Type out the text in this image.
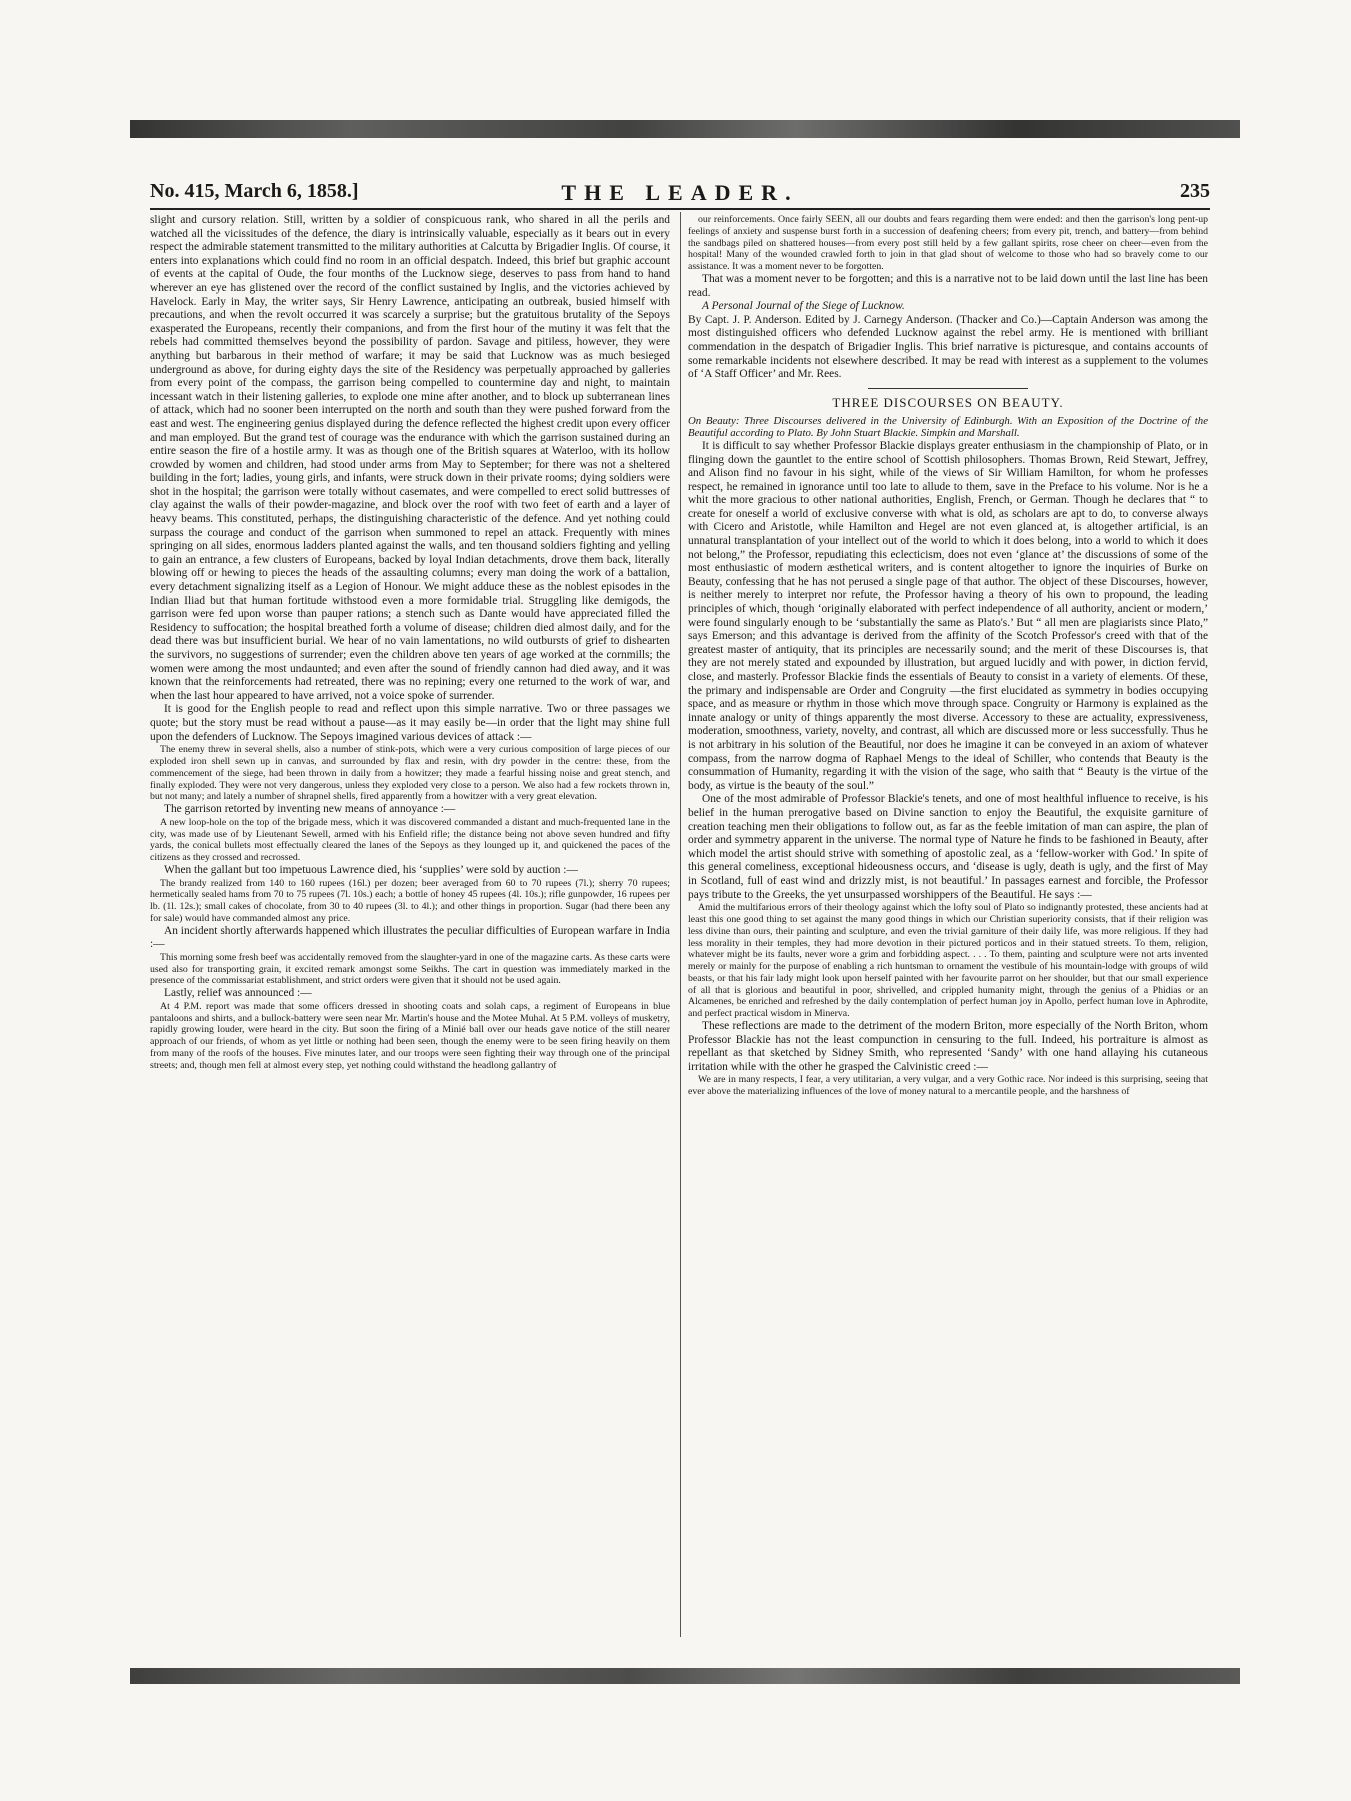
No. 415, March 6, 1858.]	THE LEADER.	235

slight and cursory relation. Still, written by a soldier of conspicuous rank, who shared in all the perils and watched all the vicissitudes of the defence, the diary is intrinsically valuable, especially as it bears out in every respect the admirable statement transmitted to the military authorities at Calcutta by Brigadier Inglis. Of course, it enters into explanations which could find no room in an official despatch. Indeed, this brief but graphic account of events at the capital of Oude, the four months of the Lucknow siege, deserves to pass from hand to hand wherever an eye has glistened over the record of the conflict sustained by Inglis, and the victories achieved by Havelock. Early in May, the writer says, Sir Henry Lawrence, anticipating an outbreak, busied himself with precautions, and when the revolt occurred it was scarcely a surprise; but the gratuitous brutality of the Sepoys exasperated the Europeans, recently their companions, and from the first hour of the mutiny it was felt that the rebels had committed themselves beyond the possibility of pardon. Savage and pitiless, however, they were anything but barbarous in their method of warfare; it may be said that Lucknow was as much besieged underground as above, for during eighty days the site of the Residency was perpetually approached by galleries from every point of the compass, the garrison being compelled to countermine day and night, to maintain incessant watch in their listening galleries, to explode one mine after another, and to block up subterranean lines of attack, which had no sooner been interrupted on the north and south than they were pushed forward from the east and west. The engineering genius displayed during the defence reflected the highest credit upon every officer and man employed. But the grand test of courage was the endurance with which the garrison sustained during an entire season the fire of a hostile army. It was as though one of the British squares at Waterloo, with its hollow crowded by women and children, had stood under arms from May to September; for there was not a sheltered building in the fort; ladies, young girls, and infants, were struck down in their private rooms; dying soldiers were shot in the hospital; the garrison were totally without casemates, and were compelled to erect solid buttresses of clay against the walls of their powder-magazine, and block over the roof with two feet of earth and a layer of heavy beams. This constituted, perhaps, the distinguishing characteristic of the defence. And yet nothing could surpass the courage and conduct of the garrison when summoned to repel an attack. Frequently with mines springing on all sides, enormous ladders planted against the walls, and ten thousand soldiers fighting and yelling to gain an entrance, a few clusters of Europeans, backed by loyal Indian detachments, drove them back, literally blowing off or hewing to pieces the heads of the assaulting columns; every man doing the work of a battalion, every detachment signalizing itself as a Legion of Honour. We might adduce these as the noblest episodes in the Indian Iliad but that human fortitude withstood even a more formidable trial. Struggling like demigods, the garrison were fed upon worse than pauper rations; a stench such as Dante would have appreciated filled the Residency to suffocation; the hospital breathed forth a volume of disease; children died almost daily, and for the dead there was but insufficient burial. We hear of no vain lamentations, no wild outbursts of grief to dishearten the survivors, no suggestions of surrender; even the children above ten years of age worked at the cornmills; the women were among the most undaunted; and even after the sound of friendly cannon had died away, and it was known that the reinforcements had retreated, there was no repining; every one returned to the work of war, and when the last hour appeared to have arrived, not a voice spoke of surrender.

It is good for the English people to read and reflect upon this simple narrative. Two or three passages we quote; but the story must be read without a pause—as it may easily be—in order that the light may shine full upon the defenders of Lucknow. The Sepoys imagined various devices of attack :—

The enemy threw in several shells, also a number of stink-pots, which were a very curious composition of large pieces of our exploded iron shell sewn up in canvas, and surrounded by flax and resin, with dry powder in the centre: these, from the commencement of the siege, had been thrown in daily from a howitzer; they made a fearful hissing noise and great stench, and finally exploded. They were not very dangerous, unless they exploded very close to a person. We also had a few rockets thrown in, but not many; and lately a number of shrapnel shells, fired apparently from a howitzer with a very great elevation.

The garrison retorted by inventing new means of annoyance :—

A new loop-hole on the top of the brigade mess, which it was discovered commanded a distant and much-frequented lane in the city, was made use of by Lieutenant Sewell, armed with his Enfield rifle; the distance being not above seven hundred and fifty yards, the conical bullets most effectually cleared the lanes of the Sepoys as they lounged up it, and quickened the paces of the citizens as they crossed and recrossed.

When the gallant but too impetuous Lawrence died, his ‘supplies’ were sold by auction :—

The brandy realized from 140 to 160 rupees (16l.) per dozen; beer averaged from 60 to 70 rupees (7l.); sherry 70 rupees; hermetically sealed hams from 70 to 75 rupees (7l. 10s.) each; a bottle of honey 45 rupees (4l. 10s.); rifle gunpowder, 16 rupees per lb. (1l. 12s.); small cakes of chocolate, from 30 to 40 rupees (3l. to 4l.); and other things in proportion. Sugar (had there been any for sale) would have commanded almost any price.

An incident shortly afterwards happened which illustrates the peculiar difficulties of European warfare in India :—

This morning some fresh beef was accidentally removed from the slaughter-yard in one of the magazine carts. As these carts were used also for transporting grain, it excited remark amongst some Seikhs. The cart in question was immediately marked in the presence of the commissariat establishment, and strict orders were given that it should not be used again.

Lastly, relief was announced :—

At 4 P.M. report was made that some officers dressed in shooting coats and solah caps, a regiment of Europeans in blue pantaloons and shirts, and a bullock-battery were seen near Mr. Martin's house and the Motee Muhal. At 5 P.M. volleys of musketry, rapidly growing louder, were heard in the city. But soon the firing of a Minié ball over our heads gave notice of the still nearer approach of our friends, of whom as yet little or nothing had been seen, though the enemy were to be seen firing heavily on them from many of the roofs of the houses. Five minutes later, and our troops were seen fighting their way through one of the principal streets; and, though men fell at almost every step, yet nothing could withstand the headlong gallantry of

our reinforcements. Once fairly SEEN, all our doubts and fears regarding them were ended: and then the garrison's long pent-up feelings of anxiety and suspense burst forth in a succession of deafening cheers; from every pit, trench, and battery—from behind the sandbags piled on shattered houses—from every post still held by a few gallant spirits, rose cheer on cheer—even from the hospital! Many of the wounded crawled forth to join in that glad shout of welcome to those who had so bravely come to our assistance. It was a moment never to be forgotten.

That was a moment never to be forgotten; and this is a narrative not to be laid down until the last line has been read.

A Personal Journal of the Siege of Lucknow.

By Capt. J. P. Anderson. Edited by J. Carnegy Anderson. (Thacker and Co.)—Captain Anderson was among the most distinguished officers who defended Lucknow against the rebel army. He is mentioned with brilliant commendation in the despatch of Brigadier Inglis. This brief narrative is picturesque, and contains accounts of some remarkable incidents not elsewhere described. It may be read with interest as a supplement to the volumes of ‘A Staff Officer’ and Mr. Rees.

THREE DISCOURSES ON BEAUTY.

On Beauty: Three Discourses delivered in the University of Edinburgh. With an Exposition of the Doctrine of the Beautiful according to Plato. By John Stuart Blackie. Simpkin and Marshall.

It is difficult to say whether Professor Blackie displays greater enthusiasm in the championship of Plato, or in flinging down the gauntlet to the entire school of Scottish philosophers. Thomas Brown, Reid Stewart, Jeffrey, and Alison find no favour in his sight, while of the views of Sir William Hamilton, for whom he professes respect, he remained in ignorance until too late to allude to them, save in the Preface to his volume. Nor is he a whit the more gracious to other national authorities, English, French, or German. Though he declares that “ to create for oneself a world of exclusive converse with what is old, as scholars are apt to do, to converse always with Cicero and Aristotle, while Hamilton and Hegel are not even glanced at, is altogether artificial, is an unnatural transplantation of your intellect out of the world to which it does belong, into a world to which it does not belong,” the Professor, repudiating this eclecticism, does not even ‘glance at’ the discussions of some of the most enthusiastic of modern æsthetical writers, and is content altogether to ignore the inquiries of Burke on Beauty, confessing that he has not perused a single page of that author. The object of these Discourses, however, is neither merely to interpret nor refute, the Professor having a theory of his own to propound, the leading principles of which, though ‘originally elaborated with perfect independence of all authority, ancient or modern,’ were found singularly enough to be ‘substantially the same as Plato's.’ But “ all men are plagiarists since Plato,” says Emerson; and this advantage is derived from the affinity of the Scotch Professor's creed with that of the greatest master of antiquity, that its principles are necessarily sound; and the merit of these Discourses is, that they are not merely stated and expounded by illustration, but argued lucidly and with power, in diction fervid, close, and masterly. Professor Blackie finds the essentials of Beauty to consist in a variety of elements. Of these, the primary and indispensable are Order and Congruity —the first elucidated as symmetry in bodies occupying space, and as measure or rhythm in those which move through space. Congruity or Harmony is explained as the innate analogy or unity of things apparently the most diverse. Accessory to these are actuality, expressiveness, moderation, smoothness, variety, novelty, and contrast, all which are discussed more or less successfully. Thus he is not arbitrary in his solution of the Beautiful, nor does he imagine it can be conveyed in an axiom of whatever compass, from the narrow dogma of Raphael Mengs to the ideal of Schiller, who contends that Beauty is the consummation of Humanity, regarding it with the vision of the sage, who saith that “ Beauty is the virtue of the body, as virtue is the beauty of the soul.”

One of the most admirable of Professor Blackie's tenets, and one of most healthful influence to receive, is his belief in the human prerogative based on Divine sanction to enjoy the Beautiful, the exquisite garniture of creation teaching men their obligations to follow out, as far as the feeble imitation of man can aspire, the plan of order and symmetry apparent in the universe. The normal type of Nature he finds to be fashioned in Beauty, after which model the artist should strive with something of apostolic zeal, as a ‘fellow-worker with God.’ In spite of this general comeliness, exceptional hideousness occurs, and ‘disease is ugly, death is ugly, and the first of May in Scotland, full of east wind and drizzly mist, is not beautiful.’ In passages earnest and forcible, the Professor pays tribute to the Greeks, the yet unsurpassed worshippers of the Beautiful. He says :—

Amid the multifarious errors of their theology against which the lofty soul of Plato so indignantly protested, these ancients had at least this one good thing to set against the many good things in which our Christian superiority consists, that if their religion was less divine than ours, their painting and sculpture, and even the trivial garniture of their daily life, was more religious. If they had less morality in their temples, they had more devotion in their pictured porticos and in their statued streets. To them, religion, whatever might be its faults, never wore a grim and forbidding aspect. . . . To them, painting and sculpture were not arts invented merely or mainly for the purpose of enabling a rich huntsman to ornament the vestibule of his mountain-lodge with groups of wild beasts, or that his fair lady might look upon herself painted with her favourite parrot on her shoulder, but that our small experience of all that is glorious and beautiful in poor, shrivelled, and crippled humanity might, through the genius of a Phidias or an Alcamenes, be enriched and refreshed by the daily contemplation of perfect human joy in Apollo, perfect human love in Aphrodite, and perfect practical wisdom in Minerva.

These reflections are made to the detriment of the modern Briton, more especially of the North Briton, whom Professor Blackie has not the least compunction in censuring to the full. Indeed, his portraiture is almost as repellant as that sketched by Sidney Smith, who represented ‘Sandy’ with one hand allaying his cutaneous irritation while with the other he grasped the Calvinistic creed :—

We are in many respects, I fear, a very utilitarian, a very vulgar, and a very Gothic race. Nor indeed is this surprising, seeing that ever above the materializing influences of the love of money natural to a mercantile people, and the harshness of
